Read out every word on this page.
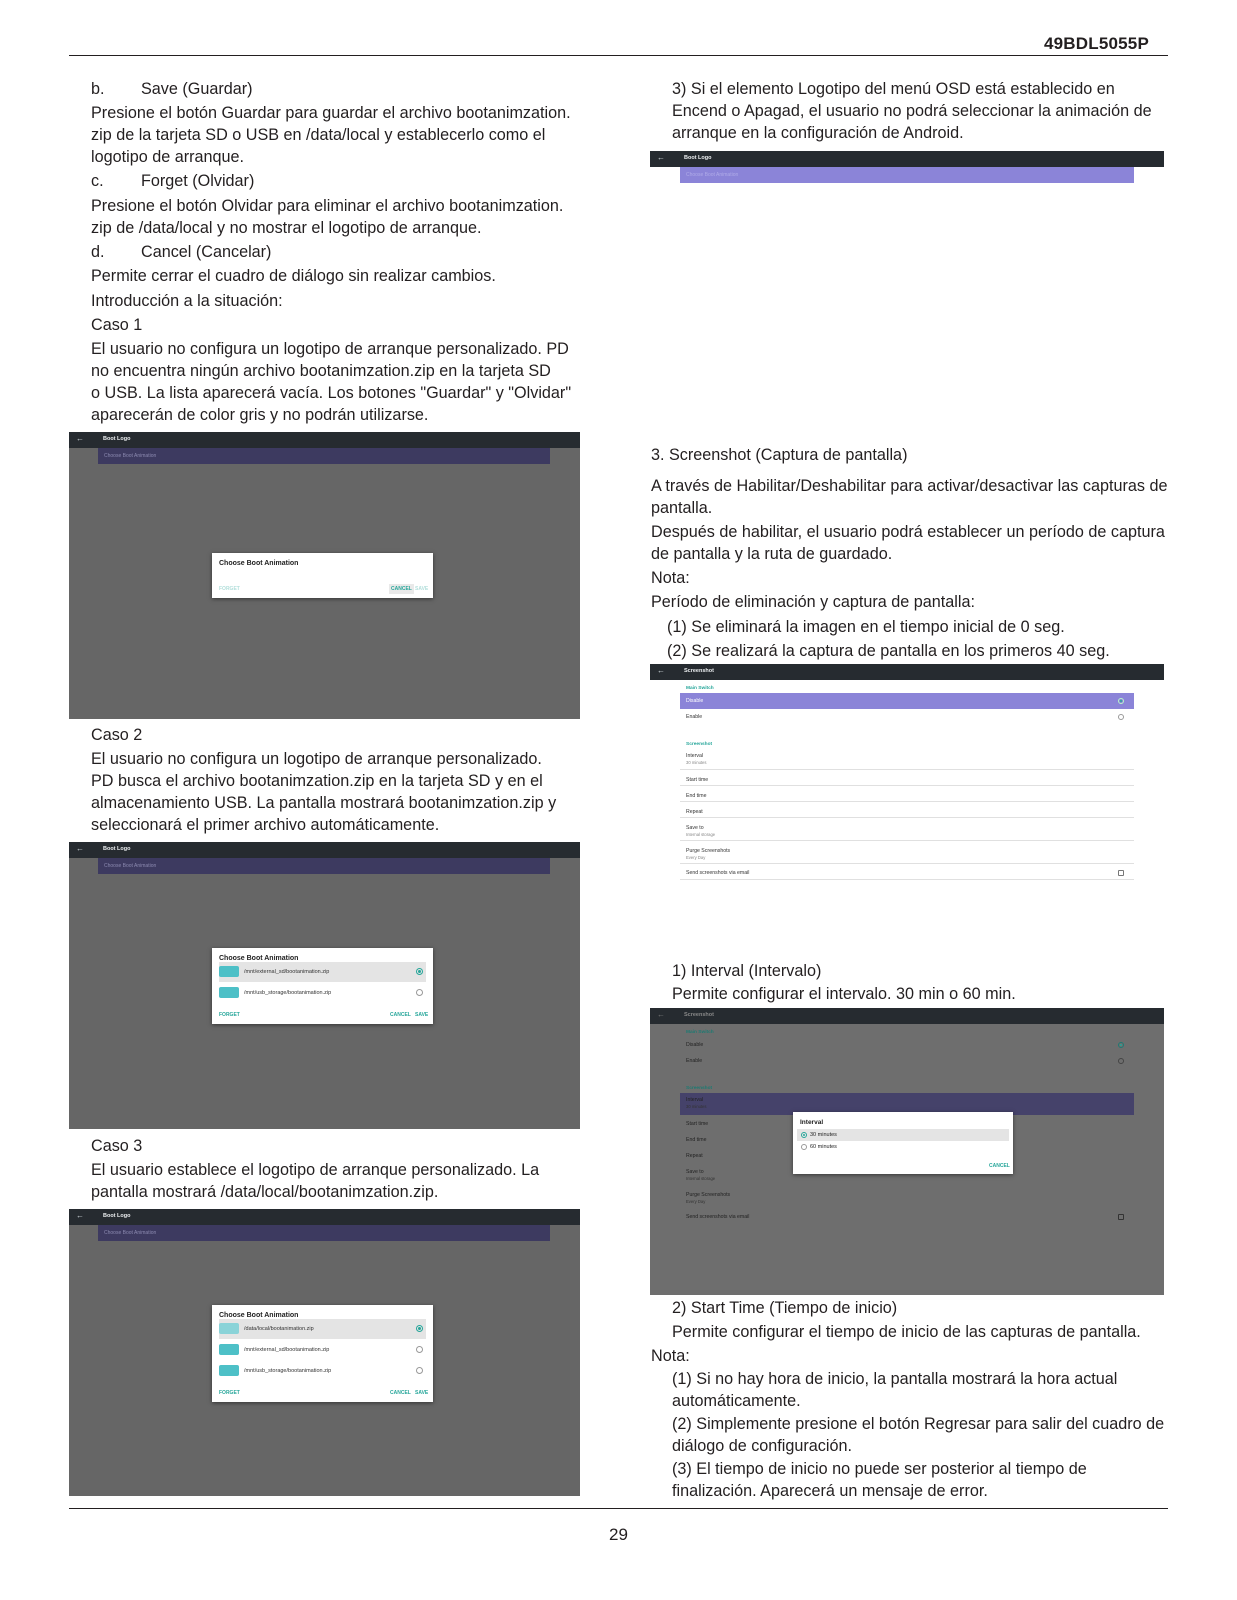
49BDL5055P
b. Save (Guardar)
Presione el botón Guardar para guardar el archivo bootanimzation.
zip de la tarjeta SD o USB en /data/local y establecerlo como el
logotipo de arranque.
c. Forget (Olvidar)
Presione el botón Olvidar para eliminar el archivo bootanimzation.
zip de /data/local y no mostrar el logotipo de arranque.
d. Cancel (Cancelar)
Permite cerrar el cuadro de diálogo sin realizar cambios.
Introducción a la situación:
Caso 1
El usuario no configura un logotipo de arranque personalizado. PD
no encuentra ningún archivo bootanimzation.zip en la tarjeta SD
o USB. La lista aparecerá vacía. Los botones "Guardar" y "Olvidar"
aparecerán de color gris y no podrán utilizarse.
←	Boot Logo
Choose Boot Animation
Choose Boot Animation
FORGET	CANCEL SAVE
Caso 2
El usuario no configura un logotipo de arranque personalizado.
PD busca el archivo bootanimzation.zip en la tarjeta SD y en el
almacenamiento USB. La pantalla mostrará bootanimzation.zip y
seleccionará el primer archivo automáticamente.
←	Boot Logo
Choose Boot Animation
Choose Boot Animation
/mnt/external_sd/bootanimation.zip
/mnt/usb_storage/bootanimation.zip
FORGET	CANCEL SAVE
Caso 3
El usuario establece el logotipo de arranque personalizado. La
pantalla mostrará /data/local/bootanimzation.zip.
←	Boot Logo
Choose Boot Animation
Choose Boot Animation
/data/local/bootanimation.zip
/mnt/external_sd/bootanimation.zip
/mnt/usb_storage/bootanimation.zip
FORGET	CANCEL SAVE
3) Si el elemento Logotipo del menú OSD está establecido en
Encend o Apagad, el usuario no podrá seleccionar la animación de
arranque en la configuración de Android.
←	Boot Logo
Choose Boot Animation
3. Screenshot (Captura de pantalla)
A través de Habilitar/Deshabilitar para activar/desactivar las capturas de
pantalla.
Después de habilitar, el usuario podrá establecer un período de captura
de pantalla y la ruta de guardado.
Nota:
Período de eliminación y captura de pantalla:
(1) Se eliminará la imagen en el tiempo inicial de 0 seg.
(2) Se realizará la captura de pantalla en los primeros 40 seg.
←	Screenshot
Main Switch
Disable
Enable
Screenshot
Interval
30 minutes
Start time
End time
Repeat
Save to
Internal storage
Purge Screenshots
Every Day
Send screenshots via email
1) Interval (Intervalo)
Permite configurar el intervalo. 30 min o 60 min.
←	Screenshot
Main Switch
Disable
Enable
Screenshot
Interval
30 minutes
Start time
End time
Repeat
Save to
Internal storage
Purge Screenshots
Every Day
Send screenshots via email
Interval
30 minutes
60 minutes
CANCEL
2) Start Time (Tiempo de inicio)
Permite configurar el tiempo de inicio de las capturas de pantalla.
Nota:
(1) Si no hay hora de inicio, la pantalla mostrará la hora actual
automáticamente.
(2) Simplemente presione el botón Regresar para salir del cuadro de
diálogo de configuración.
(3) El tiempo de inicio no puede ser posterior al tiempo de
finalización. Aparecerá un mensaje de error.
29
